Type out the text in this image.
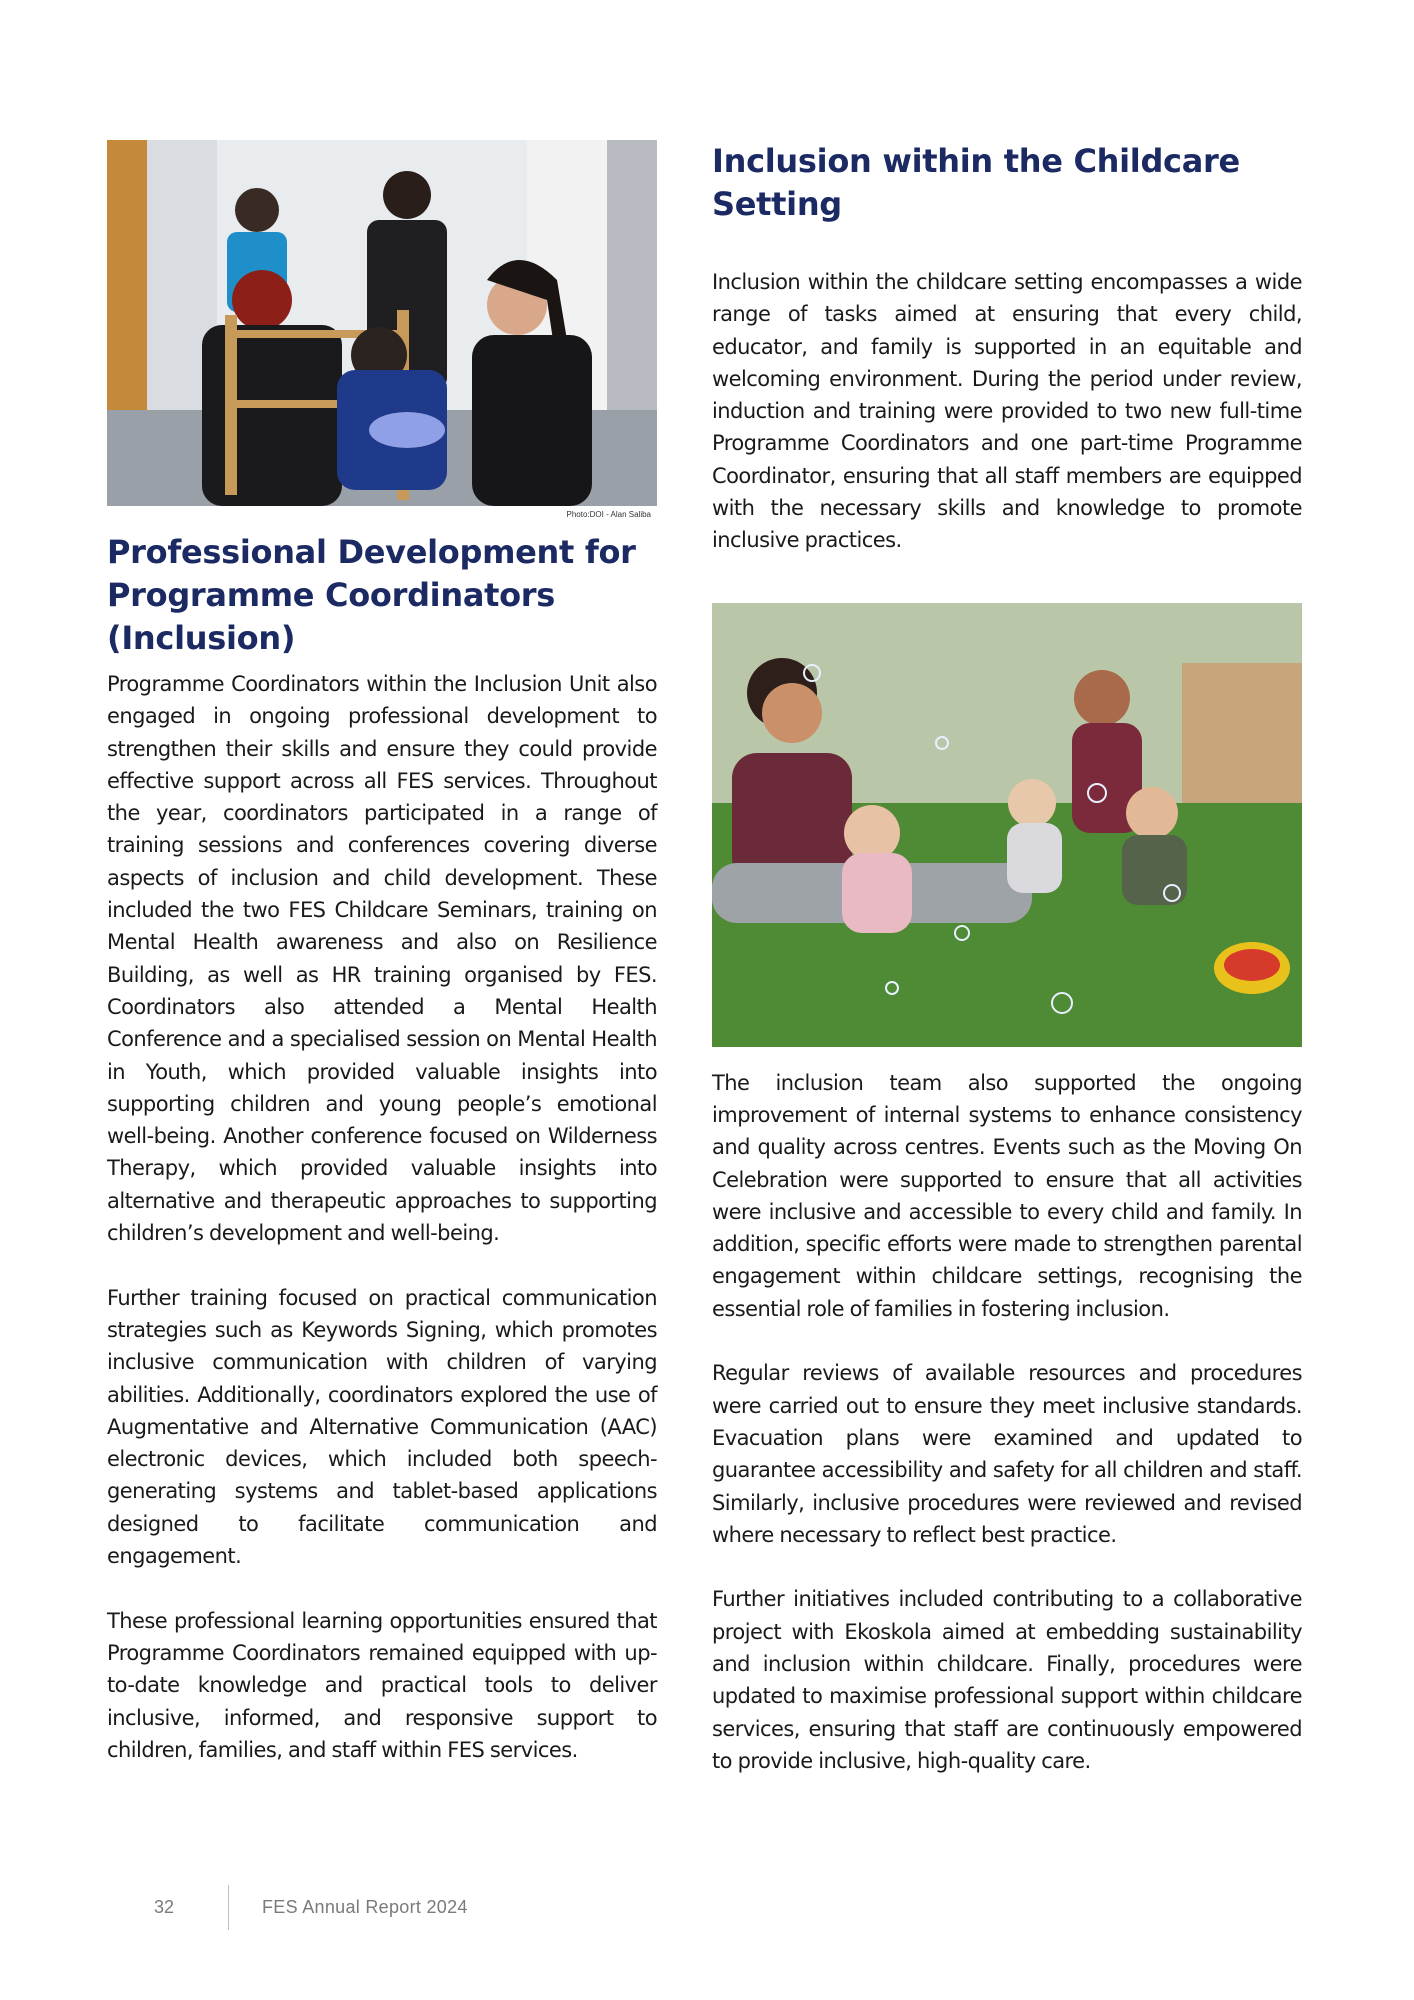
Photo:DOI - Alan Saliba
Professional Development for Programme Coordinators (Inclusion)

Programme Coordinators within the Inclusion Unit also engaged in ongoing professional development to strengthen their skills and ensure they could provide effective support across all FES services. Throughout the year, coordinators participated in a range of training sessions and conferences covering diverse aspects of inclusion and child development. These included the two FES Childcare Seminars, training on Mental Health awareness and also on Resilience Building, as well as HR training organised by FES. Coordinators also attended a Mental Health Conference and a specialised session on Mental Health in Youth, which provided valuable insights into supporting children and young people’s emotional well-being. Another conference focused on Wilderness Therapy, which provided valuable insights into alternative and therapeutic approaches to supporting children’s development and well-being.

Further training focused on practical communication strategies such as Keywords Signing, which promotes inclusive communication with children of varying abilities. Additionally, coordinators explored the use of Augmentative and Alternative Communication (AAC) electronic devices, which included both speech-generating systems and tablet-based applications designed to facilitate communication and engagement.

These professional learning opportunities ensured that Programme Coordinators remained equipped with up-to-date knowledge and practical tools to deliver inclusive, informed, and responsive support to children, families, and staff within FES services.

Inclusion within the Childcare Setting

Inclusion within the childcare setting encompasses a wide range of tasks aimed at ensuring that every child, educator, and family is supported in an equitable and welcoming environment. During the period under review, induction and training were provided to two new full-time Programme Coordinators and one part-time Programme Coordinator, ensuring that all staff members are equipped with the necessary skills and knowledge to promote inclusive practices.

The inclusion team also supported the ongoing improvement of internal systems to enhance consistency and quality across centres. Events such as the Moving On Celebration were supported to ensure that all activities were inclusive and accessible to every child and family. In addition, specific efforts were made to strengthen parental engagement within childcare settings, recognising the essential role of families in fostering inclusion.

Regular reviews of available resources and procedures were carried out to ensure they meet inclusive standards. Evacuation plans were examined and updated to guarantee accessibility and safety for all children and staff. Similarly, inclusive procedures were reviewed and revised where necessary to reflect best practice.

Further initiatives included contributing to a collaborative project with Ekoskola aimed at embedding sustainability and inclusion within childcare. Finally, procedures were updated to maximise professional support within childcare services, ensuring that staff are continuously empowered to provide inclusive, high-quality care.

32	FES Annual Report 2024
